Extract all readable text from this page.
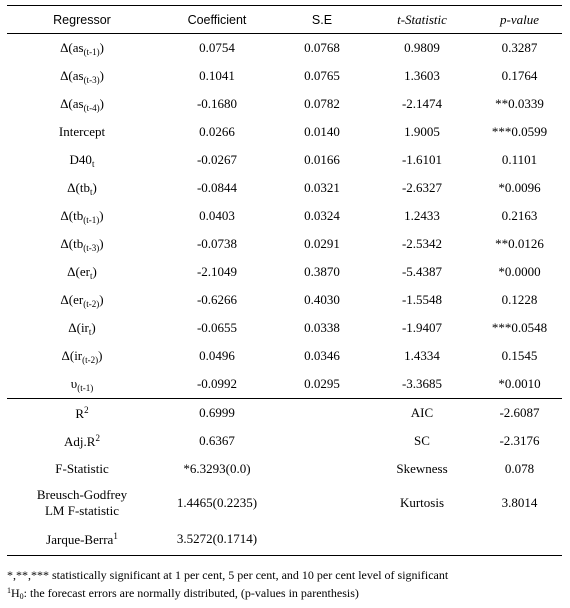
Regressor	Coefficient	S.E	t-Statistic	p-value
$\Delta(as_{(t-1)})$	0.0754	0.0768	0.9809	0.3287
$\Delta(as_{(t-3)})$	0.1041	0.0765	1.3603	0.1764
$\Delta(as_{(t-4)})$	-0.1680	0.0782	-2.1474	**0.0339
Intercept	0.0266	0.0140	1.9005	***0.0599
$D40_t$	-0.0267	0.0166	-1.6101	0.1101
$\Delta(tb_t)$	-0.0844	0.0321	-2.6327	*0.0096
$\Delta(tb_{(t-1)})$	0.0403	0.0324	1.2433	0.2163
$\Delta(tb_{(t-3)})$	-0.0738	0.0291	-2.5342	**0.0126
$\Delta(er_t)$	-2.1049	0.3870	-5.4387	*0.0000
$\Delta(er_{(t-2)})$	-0.6266	0.4030	-1.5548	0.1228
$\Delta(ir_t)$	-0.0655	0.0338	-1.9407	***0.0548
$\Delta(ir_{(t-2)})$	0.0496	0.0346	1.4334	0.1545
$\upsilon_{(t-1)}$	-0.0992	0.0295	-3.3685	*0.0010
$R^2$	0.6999		AIC	-2.6087
$Adj.R^2$	0.6367		SC	-2.3176
F-Statistic	*6.3293(0.0)		Skewness	0.078
Breusch-Godfrey
LM F-statistic	1.4465(0.2235)		Kurtosis	3.8014
Jarque-Berra$^1$	3.5272(0.1714)			
*,**,*** statistically significant at 1 per cent, 5 per cent, and 10 per cent level of significant
$^1H_0$: the forecast errors are normally distributed, (p-values in parenthesis)
